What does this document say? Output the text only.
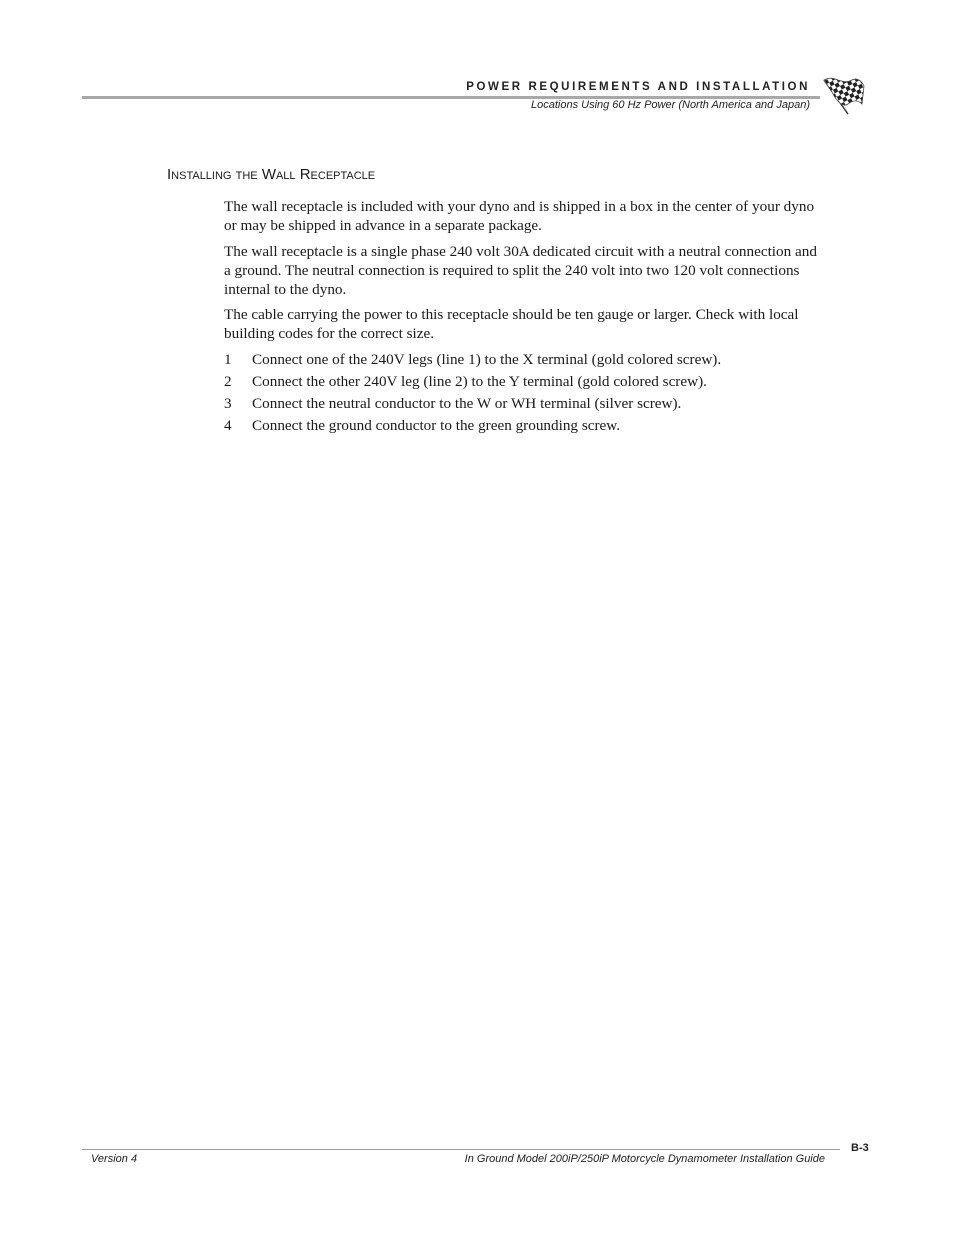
POWER REQUIREMENTS AND INSTALLATION
Locations Using 60 Hz Power (North America and Japan)
Installing the Wall Receptacle

The wall receptacle is included with your dyno and is shipped in a box in the center of your dyno or may be shipped in advance in a separate package.

The wall receptacle is a single phase 240 volt 30A dedicated circuit with a neutral connection and a ground. The neutral connection is required to split the 240 volt into two 120 volt connections internal to the dyno.

The cable carrying the power to this receptacle should be ten gauge or larger. Check with local building codes for the correct size.

1 Connect one of the 240V legs (line 1) to the X terminal (gold colored screw).
2 Connect the other 240V leg (line 2) to the Y terminal (gold colored screw).
3 Connect the neutral conductor to the W or WH terminal (silver screw).
4 Connect the ground conductor to the green grounding screw.
B-3
Version 4	In Ground Model 200iP/250iP Motorcycle Dynamometer Installation Guide
